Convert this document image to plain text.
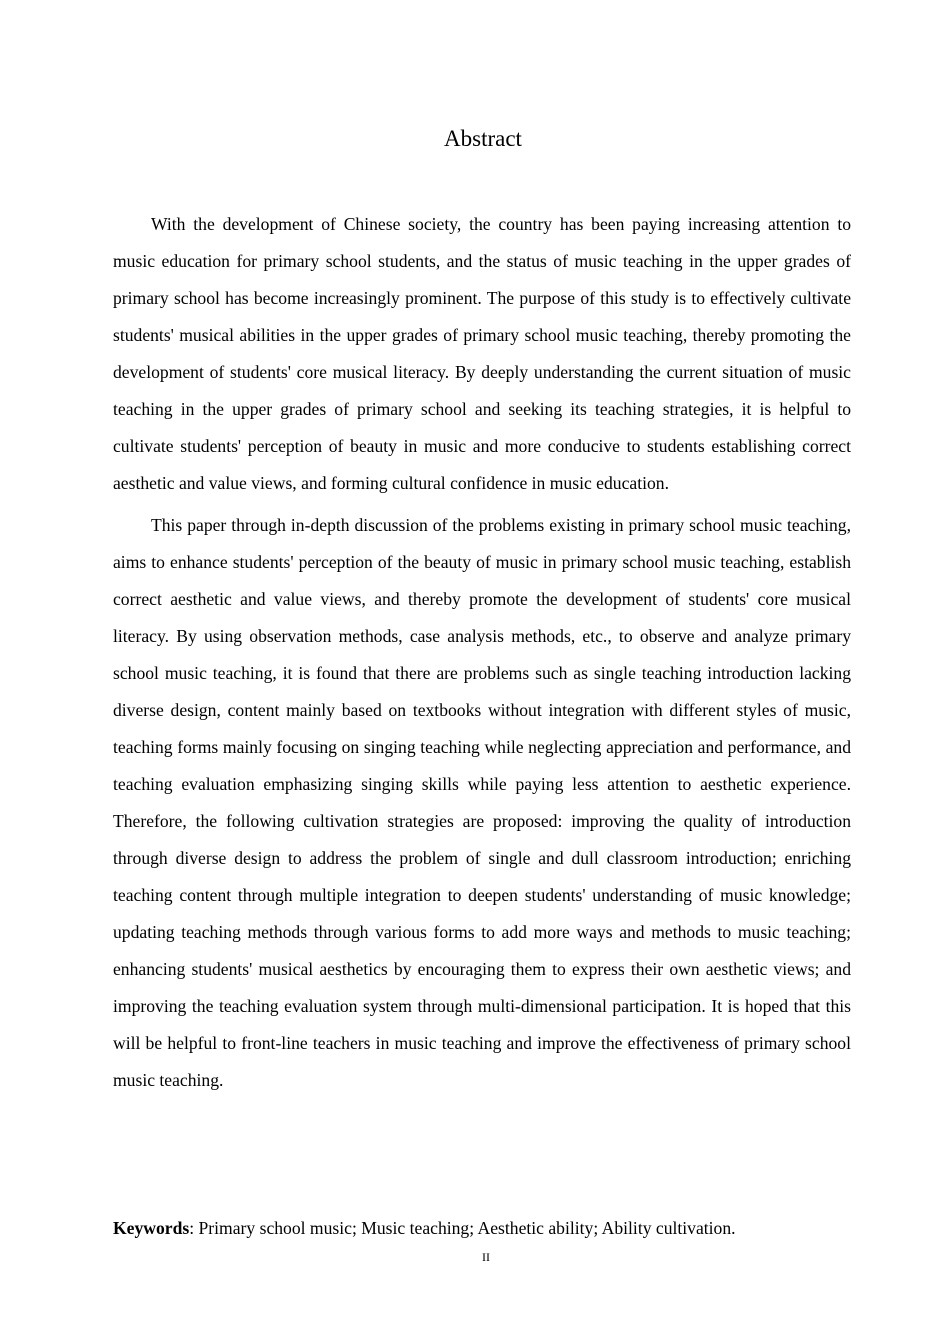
Abstract

With the development of Chinese society, the country has been paying increasing attention to music education for primary school students, and the status of music teaching in the upper grades of primary school has become increasingly prominent. The purpose of this study is to effectively cultivate students' musical abilities in the upper grades of primary school music teaching, thereby promoting the development of students' core musical literacy. By deeply understanding the current situation of music teaching in the upper grades of primary school and seeking its teaching strategies, it is helpful to cultivate students' perception of beauty in music and more conducive to students establishing correct aesthetic and value views, and forming cultural confidence in music education.

This paper through in-depth discussion of the problems existing in primary school music teaching, aims to enhance students' perception of the beauty of music in primary school music teaching, establish correct aesthetic and value views, and thereby promote the development of students' core musical literacy. By using observation methods, case analysis methods, etc., to observe and analyze primary school music teaching, it is found that there are problems such as single teaching introduction lacking diverse design, content mainly based on textbooks without integration with different styles of music, teaching forms mainly focusing on singing teaching while neglecting appreciation and performance, and teaching evaluation emphasizing singing skills while paying less attention to aesthetic experience. Therefore, the following cultivation strategies are proposed: improving the quality of introduction through diverse design to address the problem of single and dull classroom introduction; enriching teaching content through multiple integration to deepen students' understanding of music knowledge; updating teaching methods through various forms to add more ways and methods to music teaching; enhancing students' musical aesthetics by encouraging them to express their own aesthetic views; and improving the teaching evaluation system through multi-dimensional participation. It is hoped that this will be helpful to front-line teachers in music teaching and improve the effectiveness of primary school music teaching.

Keywords: Primary school music; Music teaching; Aesthetic ability; Ability cultivation.
II
